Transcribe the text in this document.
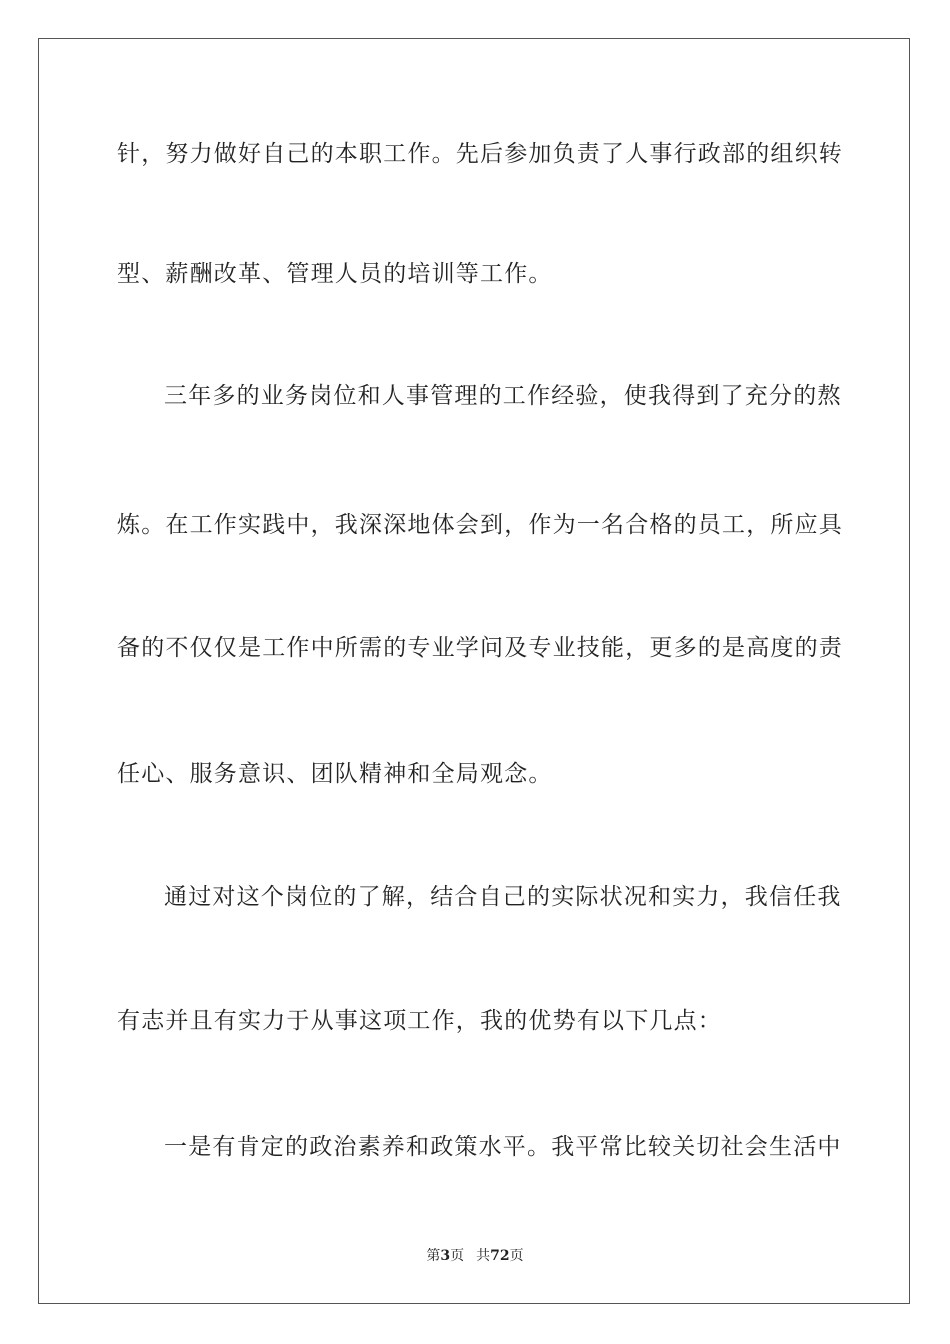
针，努力做好自己的本职工作。先后参加负责了人事行政部的组织转
型、薪酬改革、管理人员的培训等工作。
三年多的业务岗位和人事管理的工作经验，使我得到了充分的熬
炼。在工作实践中，我深深地体会到，作为一名合格的员工，所应具
备的不仅仅是工作中所需的专业学问及专业技能，更多的是高度的责
任心、服务意识、团队精神和全局观念。
通过对这个岗位的了解，结合自己的实际状况和实力，我信任我
有志并且有实力于从事这项工作，我的优势有以下几点：
一是有肯定的政治素养和政策水平。我平常比较关切社会生活中
第3页 共72页
